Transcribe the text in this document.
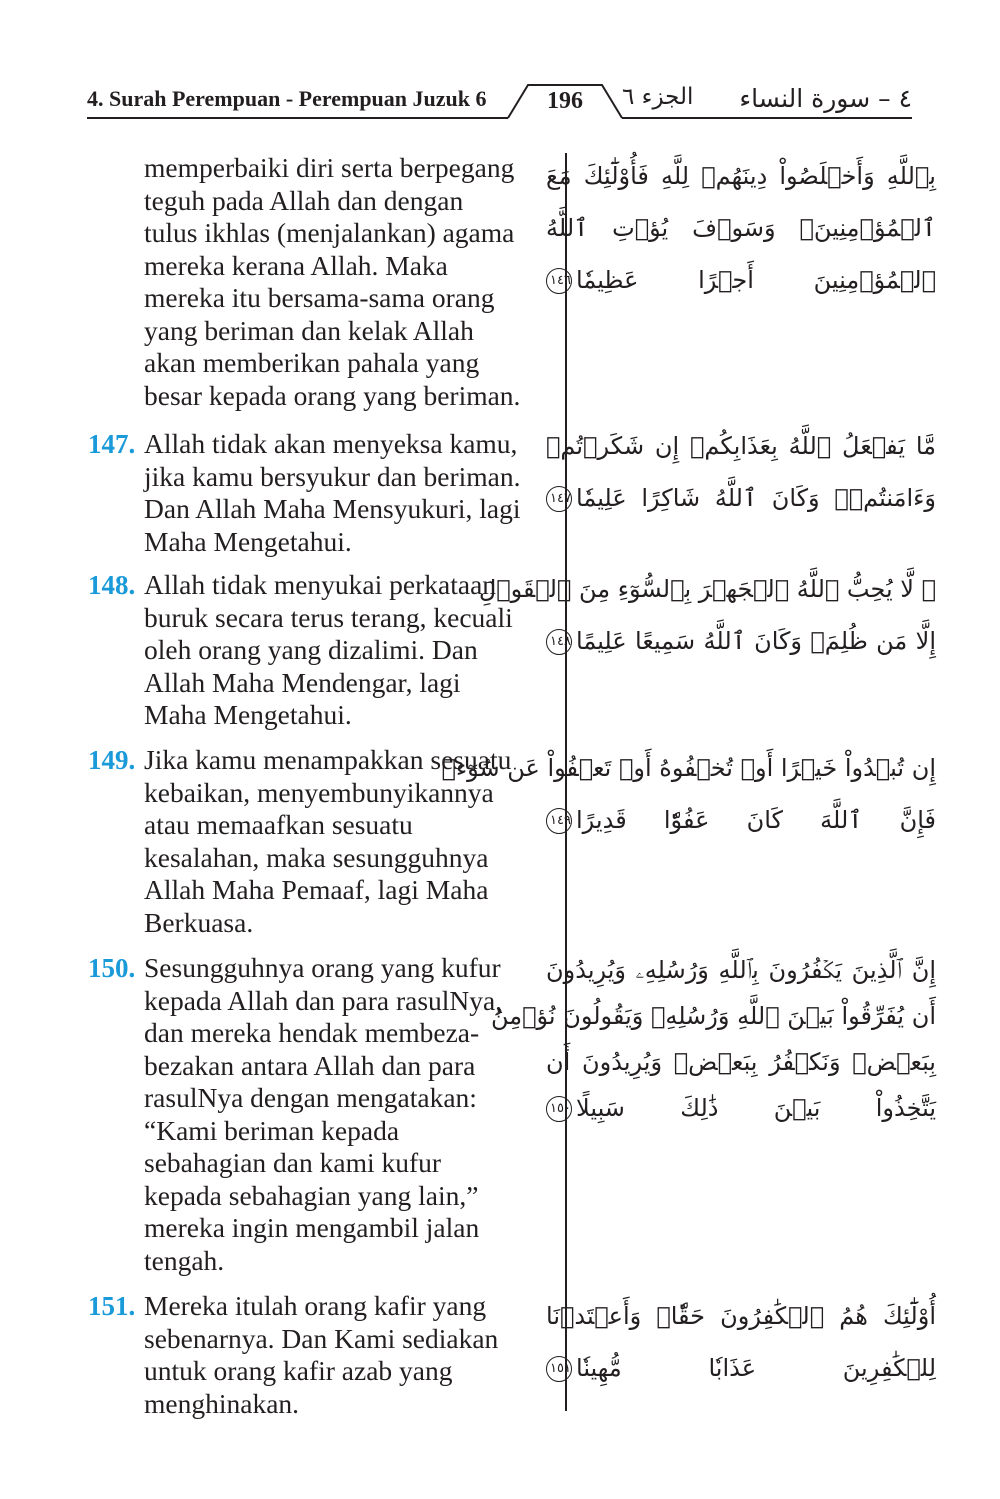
4. Surah Perempuan - Perempuan Juzuk 6	196	الجزء ٦ ٤ – سورة النساء
memperbaiki diri serta berpegang
teguh pada Allah dan dengan
tulus ikhlas (menjalankan) agama
mereka kerana Allah. Maka
mereka itu bersama-sama orang
yang beriman dan kelak Allah
akan memberikan pahala yang
besar kepada orang yang beriman.
بِٱللَّهِ وَأَخۡلَصُواْ دِينَهُمۡ لِلَّهِ فَأُوْلَٰٓئِكَ مَعَ
ٱلۡمُؤۡمِنِينَۖ وَسَوۡفَ يُؤۡتِ ٱللَّهُ
ٱلۡمُؤۡمِنِينَ أَجۡرًا عَظِيمٗا١٤٦
147. Allah tidak akan menyeksa kamu,
jika kamu bersyukur dan beriman.
Dan Allah Maha Mensyukuri, lagi
Maha Mengetahui.
مَّا يَفۡعَلُ ٱللَّهُ بِعَذَابِكُمۡ إِن شَكَرۡتُمۡ
وَءَامَنتُمۡۚ وَكَانَ ٱللَّهُ شَاكِرًا عَلِيمٗا١٤٧
148. Allah tidak menyukai perkataan
buruk secara terus terang, kecuali
oleh orang yang dizalimi. Dan
Allah Maha Mendengar, lagi
Maha Mengetahui.
۞ لَّا يُحِبُّ ٱللَّهُ ٱلۡجَهۡرَ بِٱلسُّوٓءِ مِنَ ٱلۡقَوۡلِ
إِلَّا مَن ظُلِمَۚ وَكَانَ ٱللَّهُ سَمِيعًا عَلِيمًا١٤٨
149. Jika kamu menampakkan sesuatu
kebaikan, menyembunyikannya
atau memaafkan sesuatu
kesalahan, maka sesungguhnya
Allah Maha Pemaaf, lagi Maha
Berkuasa.
إِن تُبۡدُواْ خَيۡرًا أَوۡ تُخۡفُوهُ أَوۡ تَعۡفُواْ عَن سُوٓءٖ
فَإِنَّ ٱللَّهَ كَانَ عَفُوّٗا قَدِيرًا١٤٩
150. Sesungguhnya orang yang kufur
kepada Allah dan para rasulNya,
dan mereka hendak membeza-
bezakan antara Allah dan para
rasulNya dengan mengatakan:
“Kami beriman kepada
sebahagian dan kami kufur
kepada sebahagian yang lain,”
mereka ingin mengambil jalan
tengah.
إِنَّ ٱلَّذِينَ يَكۡفُرُونَ بِٱللَّهِ وَرُسُلِهِۦ وَيُرِيدُونَ
أَن يُفَرِّقُواْ بَيۡنَ ٱللَّهِ وَرُسُلِهِۦ وَيَقُولُونَ نُؤۡمِنُ
بِبَعۡضٖ وَنَكۡفُرُ بِبَعۡضٖ وَيُرِيدُونَ أَن
يَتَّخِذُواْ بَيۡنَ ذَٰلِكَ سَبِيلًا١٥٠
151. Mereka itulah orang kafir yang
sebenarnya. Dan Kami sediakan
untuk orang kafir azab yang
menghinakan.
أُوْلَٰٓئِكَ هُمُ ٱلۡكَٰفِرُونَ حَقّٗاۚ وَأَعۡتَدۡنَا
لِلۡكَٰفِرِينَ عَذَابٗا مُّهِينٗا١٥١
